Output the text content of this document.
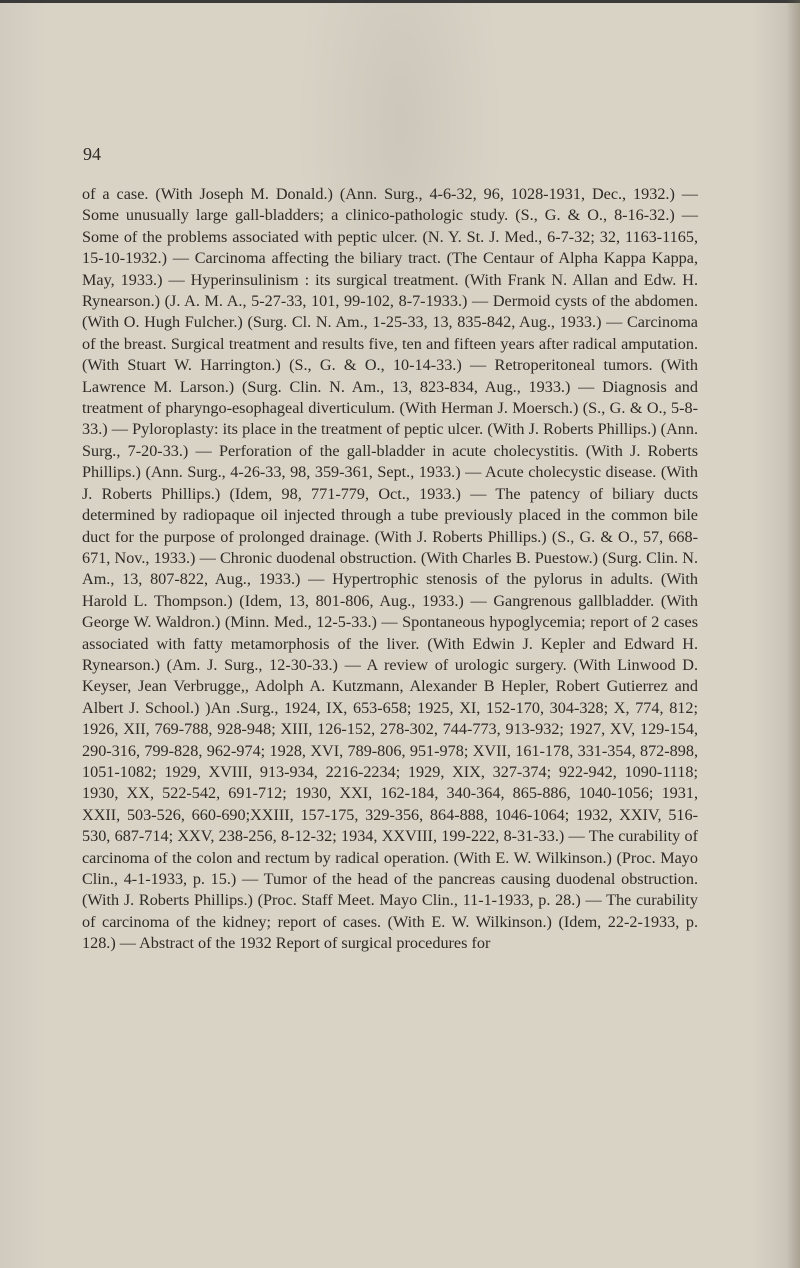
94

of a case. (With Joseph M. Donald.) (Ann. Surg., 4-6-32, 96, 1028-1931, Dec., 1932.) — Some unusually large gall-bladders; a clinico-pathologic study. (S., G. & O., 8-16-32.) — Some of the problems associated with peptic ulcer. (N. Y. St. J. Med., 6-7-32; 32, 1163-1165, 15-10-1932.) — Carcinoma affecting the biliary tract. (The Centaur of Alpha Kappa Kappa, May, 1933.) — Hyperinsulinism : its surgical treatment. (With Frank N. Allan and Edw. H. Rynearson.) (J. A. M. A., 5-27-33, 101, 99-102, 8-7-1933.) — Dermoid cysts of the abdomen. (With O. Hugh Fulcher.) (Surg. Cl. N. Am., 1-25-33, 13, 835-842, Aug., 1933.) — Carcinoma of the breast. Surgical treatment and results five, ten and fifteen years after radical amputation. (With Stuart W. Harrington.) (S., G. & O., 10-14-33.) — Retroperitoneal tumors. (With Lawrence M. Larson.) (Surg. Clin. N. Am., 13, 823-834, Aug., 1933.) — Diagnosis and treatment of pharyngo-esophageal diverticulum. (With Herman J. Moersch.) (S., G. & O., 5-8-33.) — Pyloroplasty: its place in the treatment of peptic ulcer. (With J. Roberts Phillips.) (Ann. Surg., 7-20-33.) — Perforation of the gall-bladder in acute cholecystitis. (With J. Roberts Phillips.) (Ann. Surg., 4-26-33, 98, 359-361, Sept., 1933.) — Acute cholecystic disease. (With J. Roberts Phillips.) (Idem, 98, 771-779, Oct., 1933.) — The patency of biliary ducts determined by radiopaque oil injected through a tube previously placed in the common bile duct for the purpose of prolonged drainage. (With J. Roberts Phillips.) (S., G. & O., 57, 668-671, Nov., 1933.) — Chronic duodenal obstruction. (With Charles B. Puestow.) (Surg. Clin. N. Am., 13, 807-822, Aug., 1933.) — Hypertrophic stenosis of the pylorus in adults. (With Harold L. Thompson.) (Idem, 13, 801-806, Aug., 1933.) — Gangrenous gallbladder. (With George W. Waldron.) (Minn. Med., 12-5-33.) — Spontaneous hypoglycemia; report of 2 cases associated with fatty metamorphosis of the liver. (With Edwin J. Kepler and Edward H. Rynearson.) (Am. J. Surg., 12-30-33.) — A review of urologic surgery. (With Linwood D. Keyser, Jean Verbrugge,, Adolph A. Kutzmann, Alexander B Hepler, Robert Gutierrez and Albert J. School.) )An .Surg., 1924, IX, 653-658; 1925, XI, 152-170, 304-328; X, 774, 812; 1926, XII, 769-788, 928-948; XIII, 126-152, 278-302, 744-773, 913-932; 1927, XV, 129-154, 290-316, 799-828, 962-974; 1928, XVI, 789-806, 951-978; XVII, 161-178, 331-354, 872-898, 1051-1082; 1929, XVIII, 913-934, 2216-2234; 1929, XIX, 327-374; 922-942, 1090-1118; 1930, XX, 522-542, 691-712; 1930, XXI, 162-184, 340-364, 865-886, 1040-1056; 1931, XXII, 503-526, 660-690;XXIII, 157-175, 329-356, 864-888, 1046-1064; 1932, XXIV, 516-530, 687-714; XXV, 238-256, 8-12-32; 1934, XXVIII, 199-222, 8-31-33.) — The curability of carcinoma of the colon and rectum by radical operation. (With E. W. Wilkinson.) (Proc. Mayo Clin., 4-1-1933, p. 15.) — Tumor of the head of the pancreas causing duodenal obstruction. (With J. Roberts Phillips.) (Proc. Staff Meet. Mayo Clin., 11-1-1933, p. 28.) — The curability of carcinoma of the kidney; report of cases. (With E. W. Wilkinson.) (Idem, 22-2-1933, p. 128.) — Abstract of the 1932 Report of surgical procedures for
